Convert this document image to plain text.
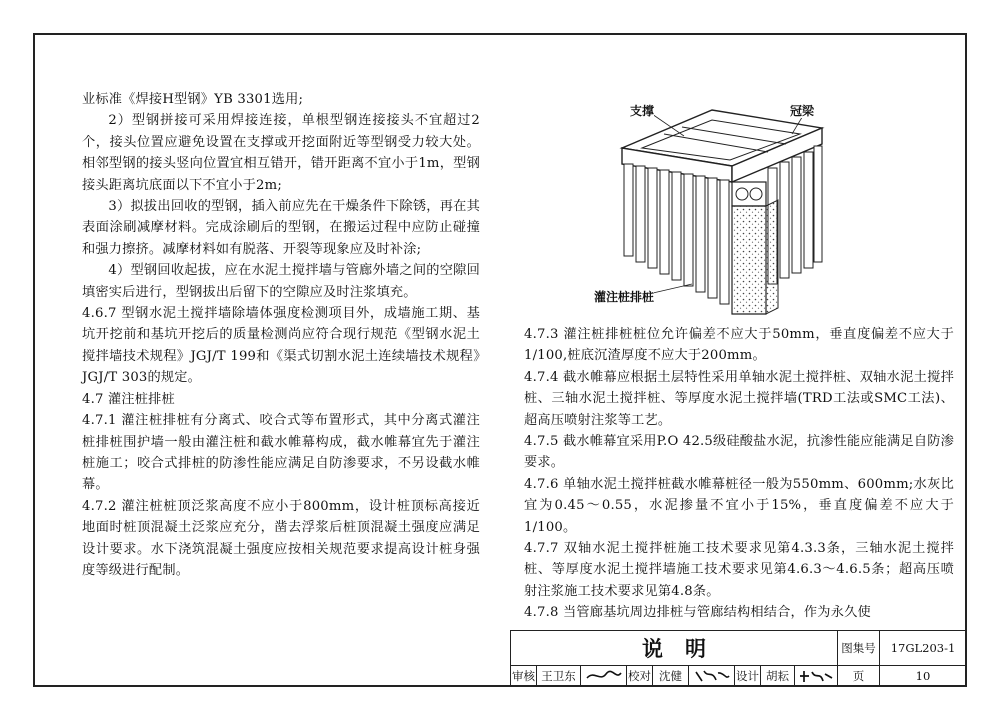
业标准《焊接H型钢》YB 3301选用;

2）型钢拼接可采用焊接连接，单根型钢连接接头不宜超过2个，接头位置应避免设置在支撑或开挖面附近等型钢受力较大处。相邻型钢的接头竖向位置宜相互错开，错开距离不宜小于1m，型钢接头距离坑底面以下不宜小于2m;

3）拟拔出回收的型钢，插入前应先在干燥条件下除锈，再在其表面涂刷减摩材料。完成涂刷后的型钢，在搬运过程中应防止碰撞和强力擦挤。减摩材料如有脱落、开裂等现象应及时补涂;

4）型钢回收起拔，应在水泥土搅拌墙与管廊外墙之间的空隙回填密实后进行，型钢拔出后留下的空隙应及时注浆填充。

4.6.7 型钢水泥土搅拌墙除墙体强度检测项目外，成墙施工期、基坑开挖前和基坑开挖后的质量检测尚应符合现行规范《型钢水泥土搅拌墙技术规程》JGJ/T 199和《渠式切割水泥土连续墙技术规程》JGJ/T 303的规定。

4.7 灌注桩排桩

4.7.1 灌注桩排桩有分离式、咬合式等布置形式，其中分离式灌注桩排桩围护墙一般由灌注桩和截水帷幕构成，截水帷幕宜先于灌注桩施工；咬合式排桩的防渗性能应满足自防渗要求，不另设截水帷幕。

4.7.2 灌注桩桩顶泛浆高度不应小于800mm，设计桩顶标高接近地面时桩顶混凝土泛浆应充分，凿去浮浆后桩顶混凝土强度应满足设计要求。水下浇筑混凝土强度应按相关规范要求提高设计桩身强度等级进行配制。

支撑	冠梁
灌注桩排桩

4.7.3 灌注桩排桩桩位允许偏差不应大于50mm，垂直度偏差不应大于1/100,桩底沉渣厚度不应大于200mm。

4.7.4 截水帷幕应根据土层特性采用单轴水泥土搅拌桩、双轴水泥土搅拌桩、三轴水泥土搅拌桩、等厚度水泥土搅拌墙(TRD工法或SMC工法)、超高压喷射注浆等工艺。

4.7.5 截水帷幕宜采用P.O 42.5级硅酸盐水泥，抗渗性能应能满足自防渗要求。

4.7.6 单轴水泥土搅拌桩截水帷幕桩径一般为550mm、600mm;水灰比宜为0.45～0.55，水泥掺量不宜小于15%，垂直度偏差不应大于1/100。

4.7.7 双轴水泥土搅拌桩施工技术要求见第4.3.3条，三轴水泥土搅拌桩、等厚度水泥土搅拌墙施工技术要求见第4.6.3～4.6.5条；超高压喷射注浆施工技术要求见第4.8条。

4.7.8 当管廊基坑周边排桩与管廊结构相结合，作为永久使

说明	图集号	17GL203-1
审核 王卫东	校对 沈健	设计 胡耘	页	10
